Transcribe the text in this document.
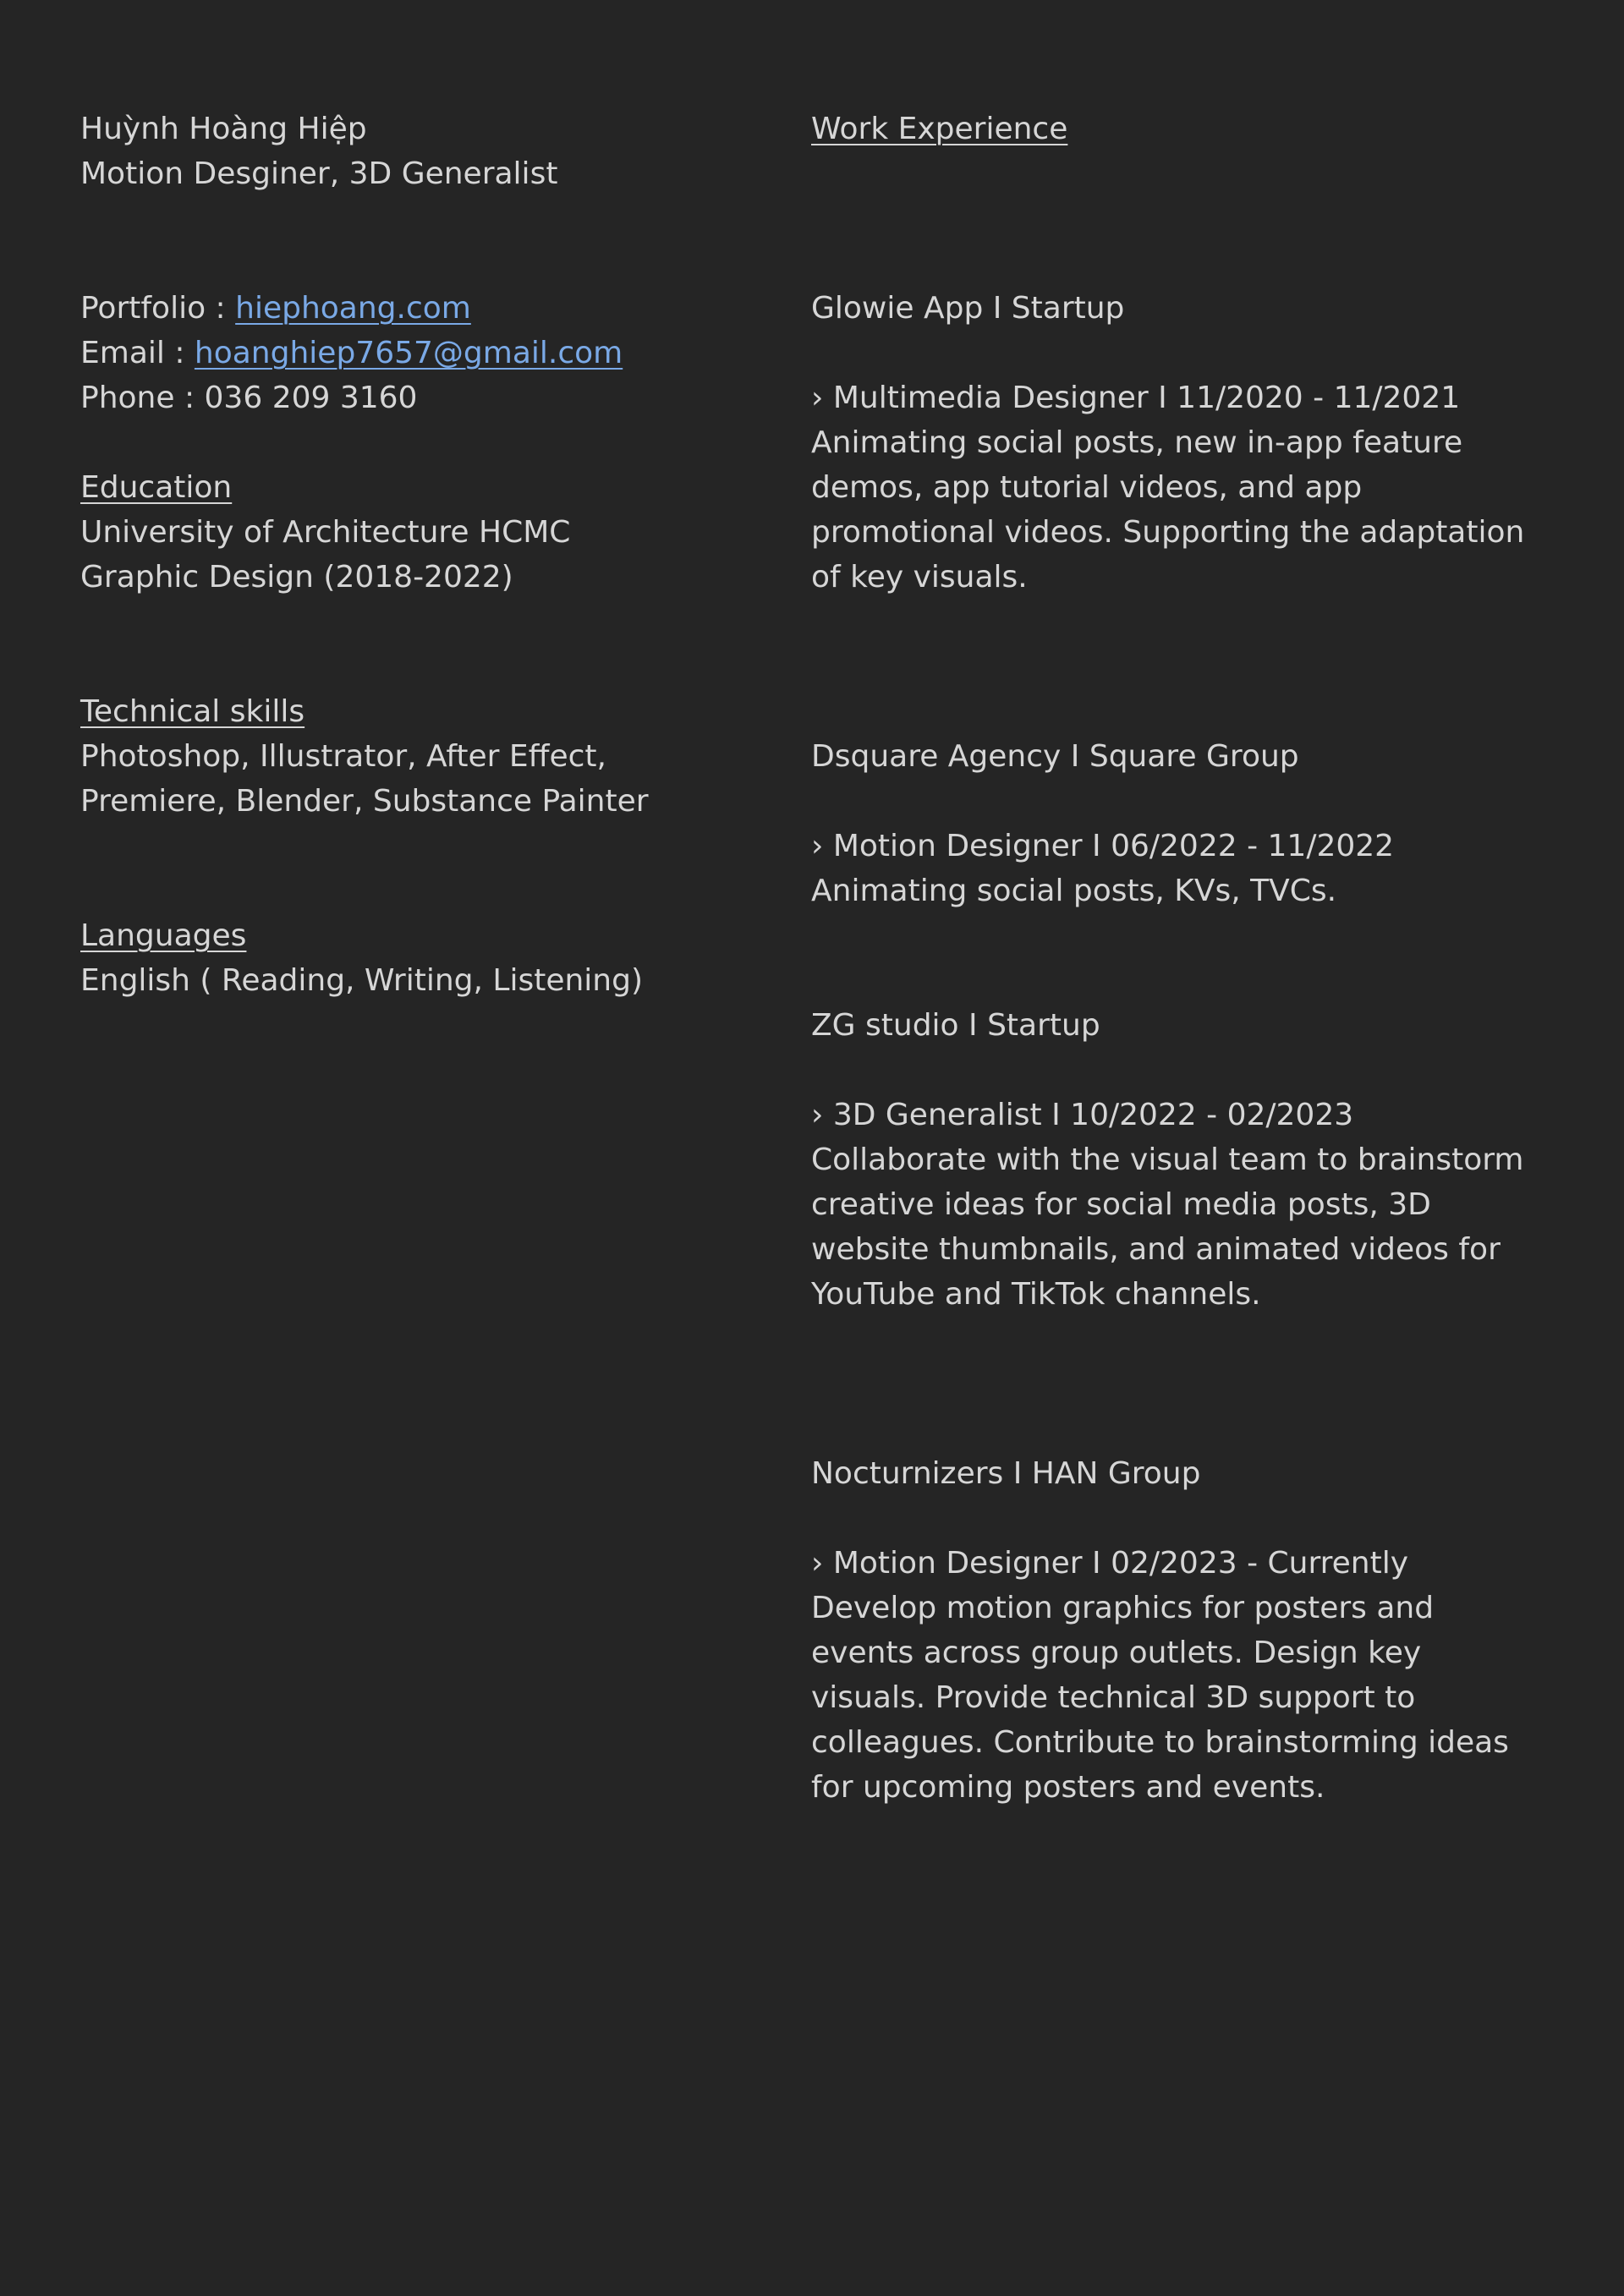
Huỳnh Hoàng Hiệp
Motion Desginer, 3D Generalist
Portfolio : hiephoang.com
Email : hoanghiep7657@gmail.com
Phone : 036 209 3160
Education
University of Architecture HCMC
Graphic Design (2018-2022)
Technical skills
Photoshop, Illustrator, After Effect,
Premiere, Blender, Substance Painter
Languages
English ( Reading, Writing, Listening)
Work Experience
Glowie App I Startup
› Multimedia Designer I 11/2020 - 11/2021
Animating social posts, new in-app feature
demos, app tutorial videos, and app
promotional videos. Supporting the adaptation
of key visuals.
Dsquare Agency I Square Group
› Motion Designer I 06/2022 - 11/2022
Animating social posts, KVs, TVCs.
ZG studio I Startup
› 3D Generalist I 10/2022 - 02/2023
Collaborate with the visual team to brainstorm
creative ideas for social media posts, 3D
website thumbnails, and animated videos for
YouTube and TikTok channels.
Nocturnizers I HAN Group
› Motion Designer I 02/2023 - Currently
Develop motion graphics for posters and
events across group outlets. Design key
visuals. Provide technical 3D support to
colleagues. Contribute to brainstorming ideas
for upcoming posters and events.
